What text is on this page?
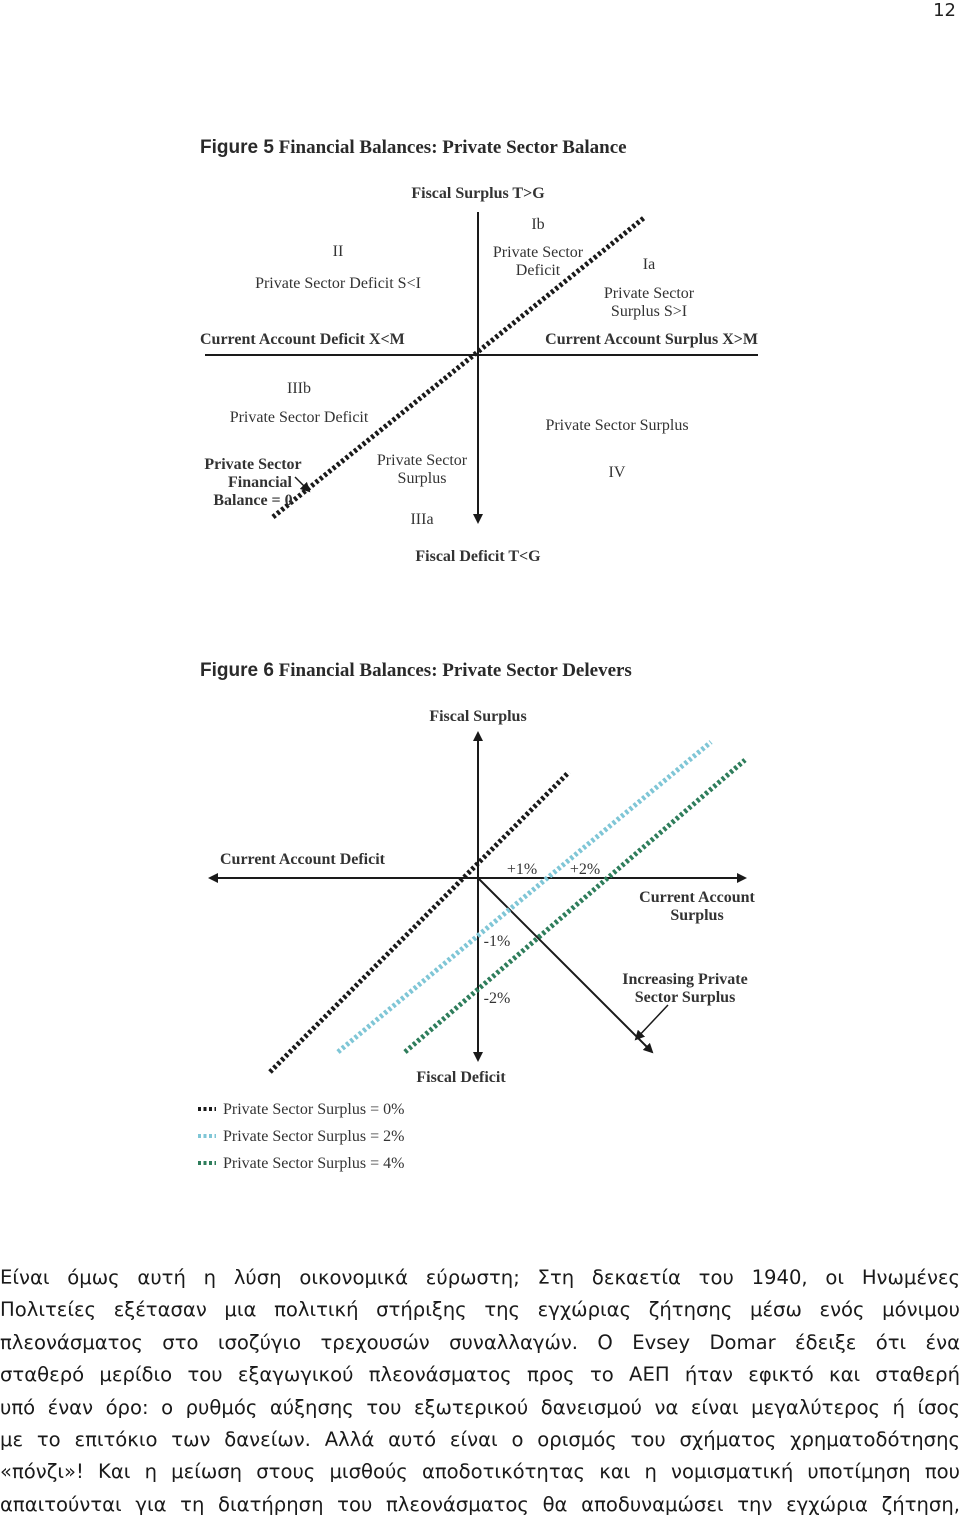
12
Figure 5 Financial Balances: Private Sector Balance
Fiscal Surplus T>G
Fiscal Deficit T<G
Current Account Deficit X<M	Current Account Surplus X>M
II
Private Sector Deficit S<I
Ib
Private Sector
Deficit	Ia
Private Sector
Surplus S>I
IIIb
Private Sector Deficit	Private Sector Surplus
IV
Private Sector
Surplus
IIIa
Private Sector
Financial
Balance = 0
Figure 6 Financial Balances: Private Sector Delevers
Fiscal Surplus
Current Account Deficit
Current Account
Surplus
+1% +2%
-1%
-2%
Increasing Private
Sector Surplus
Fiscal Deficit
Private Sector Surplus = 0%
Private Sector Surplus = 2%
Private Sector Surplus = 4%
Είναι όμως αυτή η λύση οικονομικά εύρωστη; Στη δεκαετία του 1940, οι Ηνωμένες
Πολιτείες εξέτασαν μια πολιτική στήριξης της εγχώριας ζήτησης μέσω ενός μόνιμου
πλεονάσματος στο ισοζύγιο τρεχουσών συναλλαγών. Ο Evsey Domar έδειξε ότι ένα
σταθερό μερίδιο του εξαγωγικού πλεονάσματος προς το ΑΕΠ ήταν εφικτό και σταθερή
υπό έναν όρο: ο ρυθμός αύξησης του εξωτερικού δανεισμού να είναι μεγαλύτερος ή ίσος
με το επιτόκιο των δανείων. Αλλά αυτό είναι ο ορισμός του σχήματος χρηματοδότησης
«πόνζι»! Και η μείωση στους μισθούς αποδοτικότητας και η νομισματική υποτίμηση που
απαιτούνται για τη διατήρηση του πλεονάσματος θα αποδυναμώσει την εγχώρια ζήτηση,
